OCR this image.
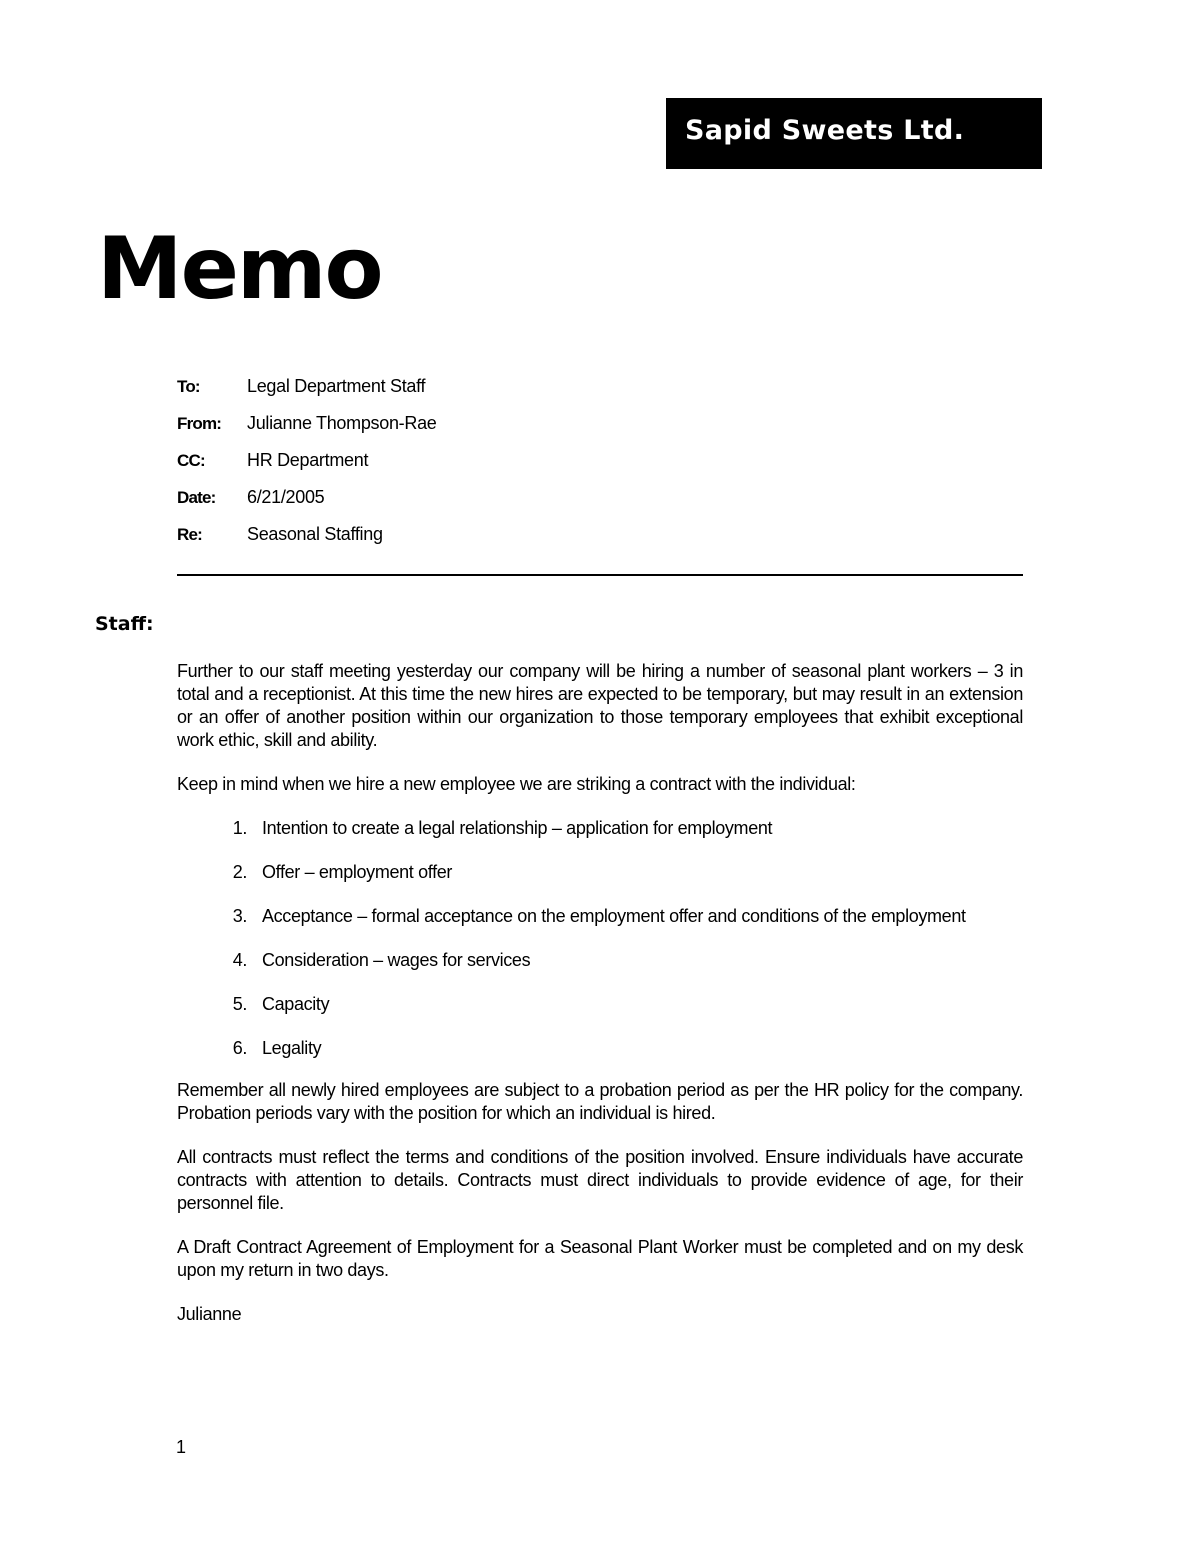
Sapid Sweets Ltd.
Memo
To:	Legal Department Staff
From:	Julianne Thompson-Rae
CC:	HR Department
Date:	6/21/2005
Re:	Seasonal Staffing
Staff:

Further to our staff meeting yesterday our company will be hiring a number of seasonal plant workers – 3 in total and a receptionist. At this time the new hires are expected to be temporary, but may result in an extension or an offer of another position within our organization to those temporary employees that exhibit exceptional work ethic, skill and ability.

Keep in mind when we hire a new employee we are striking a contract with the individual:

1. Intention to create a legal relationship – application for employment
2. Offer – employment offer
3. Acceptance – formal acceptance on the employment offer and conditions of the employment
4. Consideration – wages for services
5. Capacity
6. Legality

Remember all newly hired employees are subject to a probation period as per the HR policy for the company. Probation periods vary with the position for which an individual is hired.

All contracts must reflect the terms and conditions of the position involved. Ensure individuals have accurate contracts with attention to details. Contracts must direct individuals to provide evidence of age, for their personnel file.

A Draft Contract Agreement of Employment for a Seasonal Plant Worker must be completed and on my desk upon my return in two days.

Julianne

1
